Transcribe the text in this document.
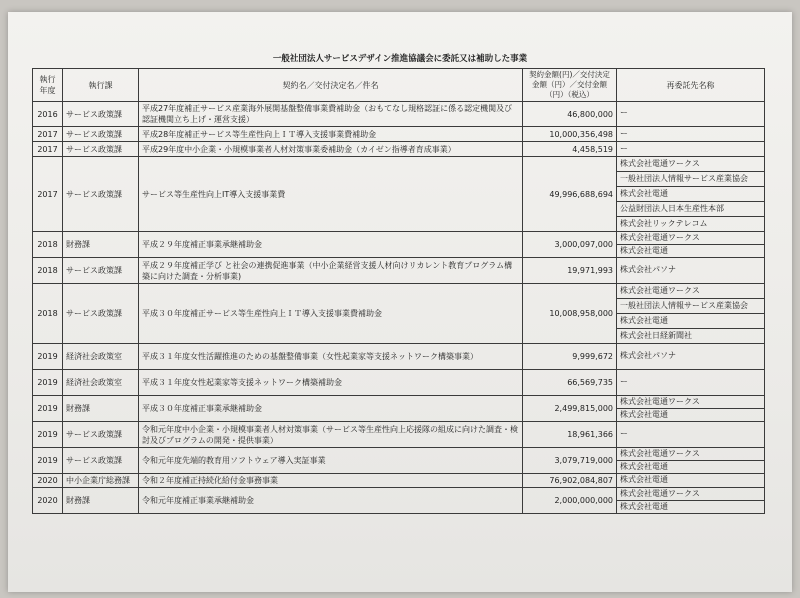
一般社団法人サービスデザイン推進協議会に委託又は補助した事業
執行
年度	執行課	契約名／交付決定名／件名	契約金額(円)／交付決定金額（円）／交付金額（円）（税込）	再委託先名称
2016	サービス政策課	平成27年度補正サービス産業海外展開基盤整備事業費補助金（おもてなし規格認証に係る認定機関及び認証機関立ち上げ・運営支援）	46,800,000	ー

2017	サービス政策課	平成28年度補正サービス等生産性向上ＩＴ導入支援事業費補助金	10,000,356,498	ー

2017	サービス政策課	平成29年度中小企業・小規模事業者人材対策事業委補助金（カイゼン指導者育成事業）	4,458,519	ー

2017	サービス政策課	サービス等生産性向上IT導入支援事業費	49,996,688,694	株式会社電通ワークス
一般社団法人情報サービス産業協会
株式会社電通
公益財団法人日本生産性本部
株式会社リックテレコム

2018	財務課	平成２９年度補正事業承継補助金	3,000,097,000	株式会社電通ワークス
株式会社電通

2018	サービス政策課	平成２９年度補正学び と社会の連携促進事業（中小企業経営支援人材向けリカレント教育プログラム構築に向けた調査・分析事業)	19,971,993	株式会社パソナ

2018	サービス政策課	平成３０年度補正サービス等生産性向上ＩＴ導入支援事業費補助金	10,008,958,000	株式会社電通ワークス
一般社団法人情報サービス産業協会
株式会社電通
株式会社日経新聞社

2019	経済社会政策室	平成３１年度女性活躍推進のための基盤整備事業（女性起業家等支援ネットワーク構築事業）	9,999,672	株式会社パソナ

2019	経済社会政策室	平成３１年度女性起業家等支援ネットワーク構築補助金	66,569,735	ー

2019	財務課	平成３０年度補正事業承継補助金	2,499,815,000	株式会社電通ワークス
株式会社電通

2019	サービス政策課	令和元年度中小企業・小規模事業者人材対策事業（サービス等生産性向上応援隊の組成に向けた調査・検討及びプログラムの開発・提供事業）	18,961,366	ー

2019	サービス政策課	令和元年度先端的教育用ソフトウェア導入実証事業	3,079,719,000	株式会社電通ワークス
株式会社電通

2020	中小企業庁総務課	令和２年度補正持続化給付金事務事業	76,902,084,807	株式会社電通

2020	財務課	令和元年度補正事業承継補助金	2,000,000,000	株式会社電通ワークス
株式会社電通
